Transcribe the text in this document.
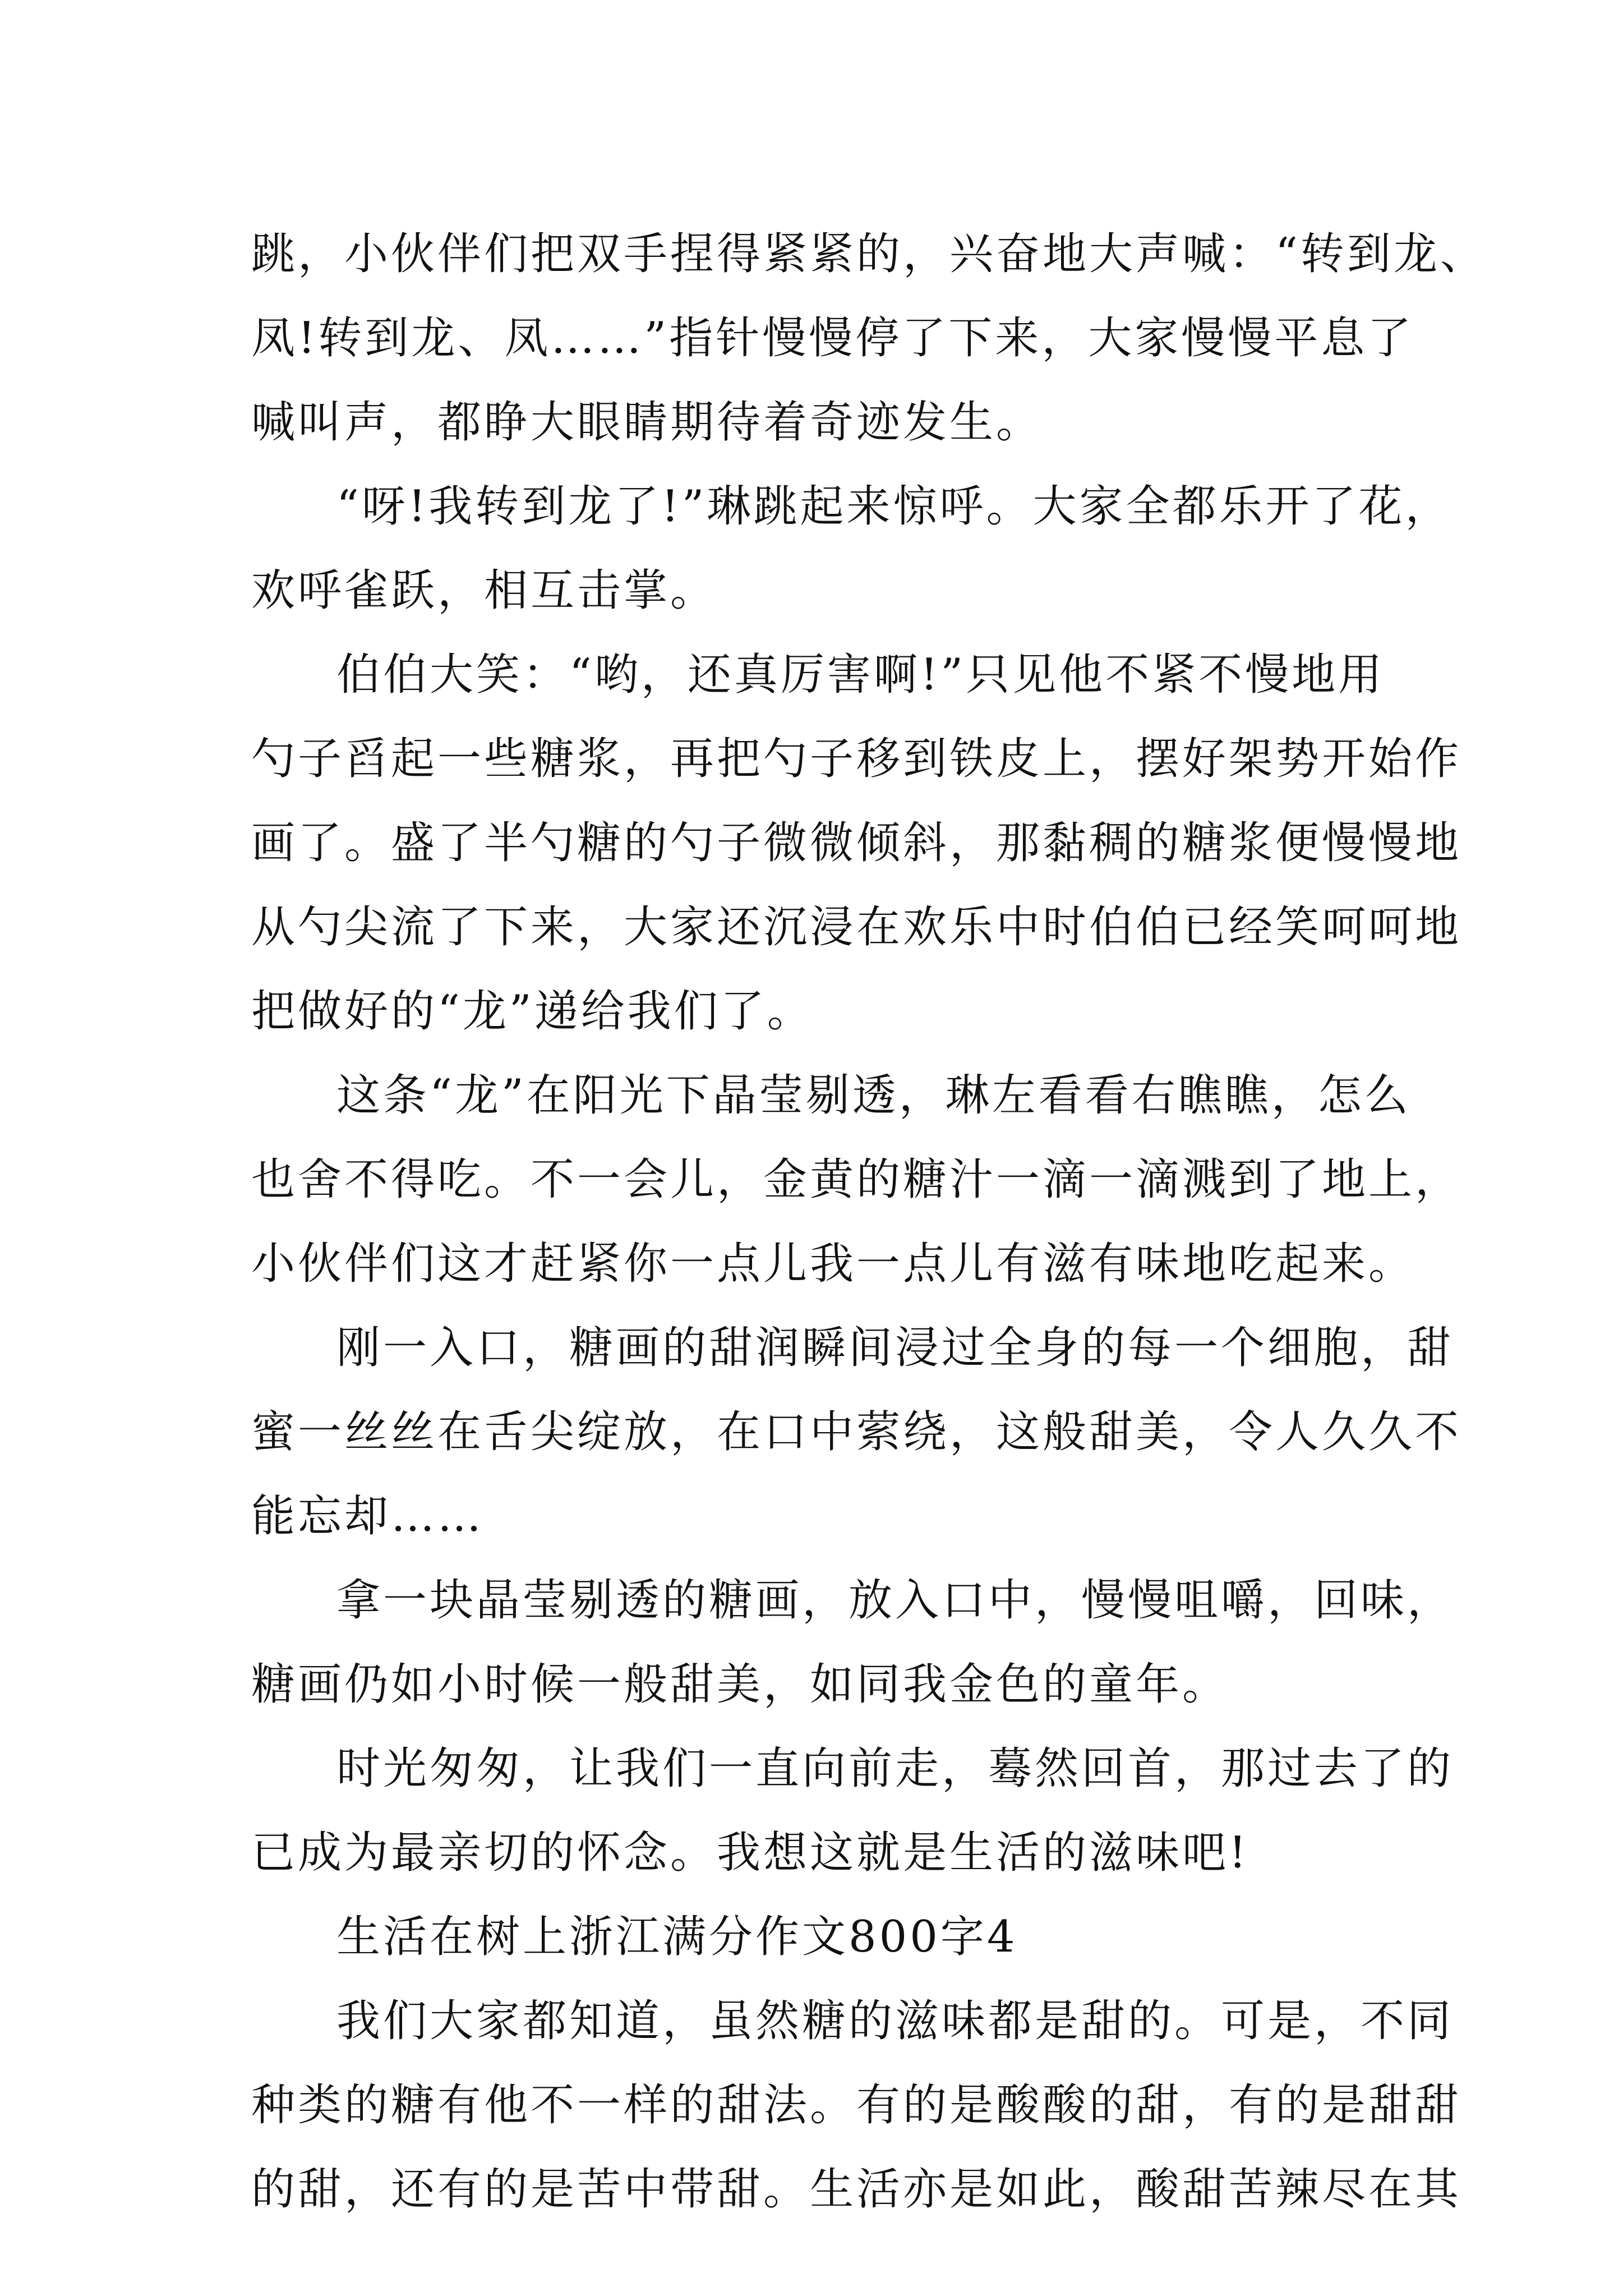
跳，小伙伴们把双手捏得紧紧的，兴奋地大声喊：“转到龙、
凤!转到龙、凤……”指针慢慢停了下来，大家慢慢平息了
喊叫声，都睁大眼睛期待着奇迹发生。
“呀!我转到龙了!”琳跳起来惊呼。大家全都乐开了花，
欢呼雀跃，相互击掌。
伯伯大笑：“哟，还真厉害啊!”只见他不紧不慢地用
勺子舀起一些糖浆，再把勺子移到铁皮上，摆好架势开始作
画了。盛了半勺糖的勺子微微倾斜，那黏稠的糖浆便慢慢地
从勺尖流了下来，大家还沉浸在欢乐中时伯伯已经笑呵呵地
把做好的“龙”递给我们了。
这条“龙”在阳光下晶莹剔透，琳左看看右瞧瞧，怎么
也舍不得吃。不一会儿，金黄的糖汁一滴一滴溅到了地上，
小伙伴们这才赶紧你一点儿我一点儿有滋有味地吃起来。
刚一入口，糖画的甜润瞬间浸过全身的每一个细胞，甜
蜜一丝丝在舌尖绽放，在口中萦绕，这般甜美，令人久久不
能忘却……
拿一块晶莹剔透的糖画，放入口中，慢慢咀嚼，回味，
糖画仍如小时候一般甜美，如同我金色的童年。
时光匆匆，让我们一直向前走，蓦然回首，那过去了的
已成为最亲切的怀念。我想这就是生活的滋味吧!
生活在树上浙江满分作文800字4
我们大家都知道，虽然糖的滋味都是甜的。可是，不同
种类的糖有他不一样的甜法。有的是酸酸的甜，有的是甜甜
的甜，还有的是苦中带甜。生活亦是如此，酸甜苦辣尽在其
